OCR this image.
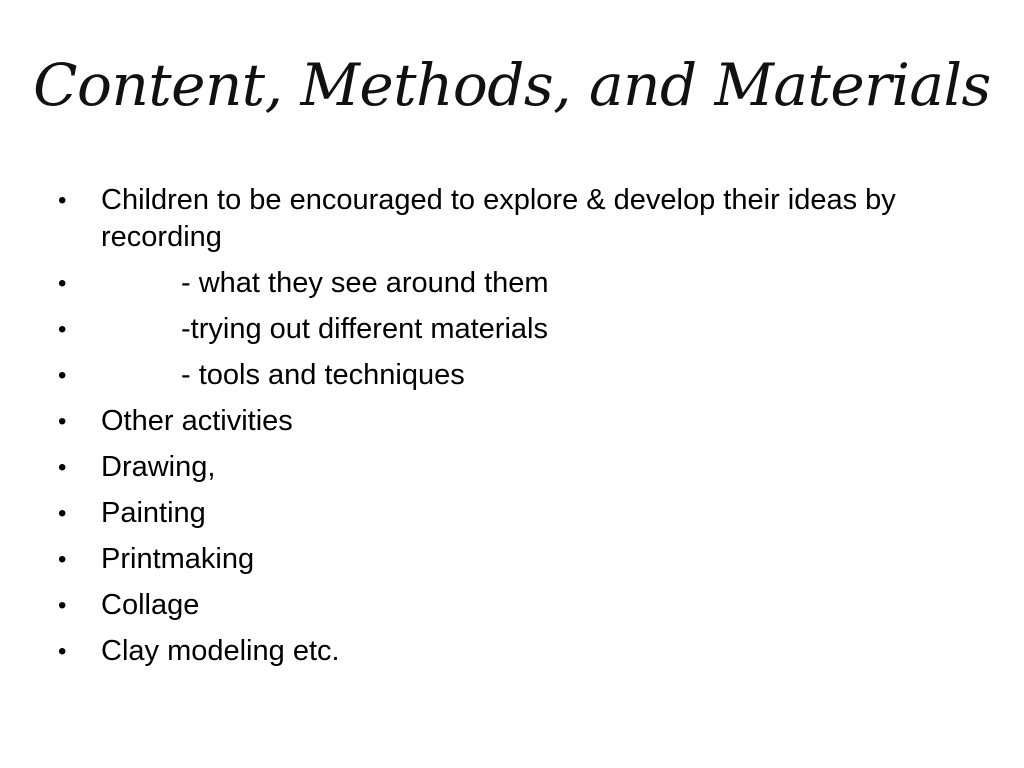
Content, Methods, and Materials
• Children to be encouraged to explore & develop their ideas by recording
•	- what they see around them
•	-trying out different materials
•	- tools and techniques
• Other activities
• Drawing,
• Painting
• Printmaking
• Collage
• Clay modeling etc.
